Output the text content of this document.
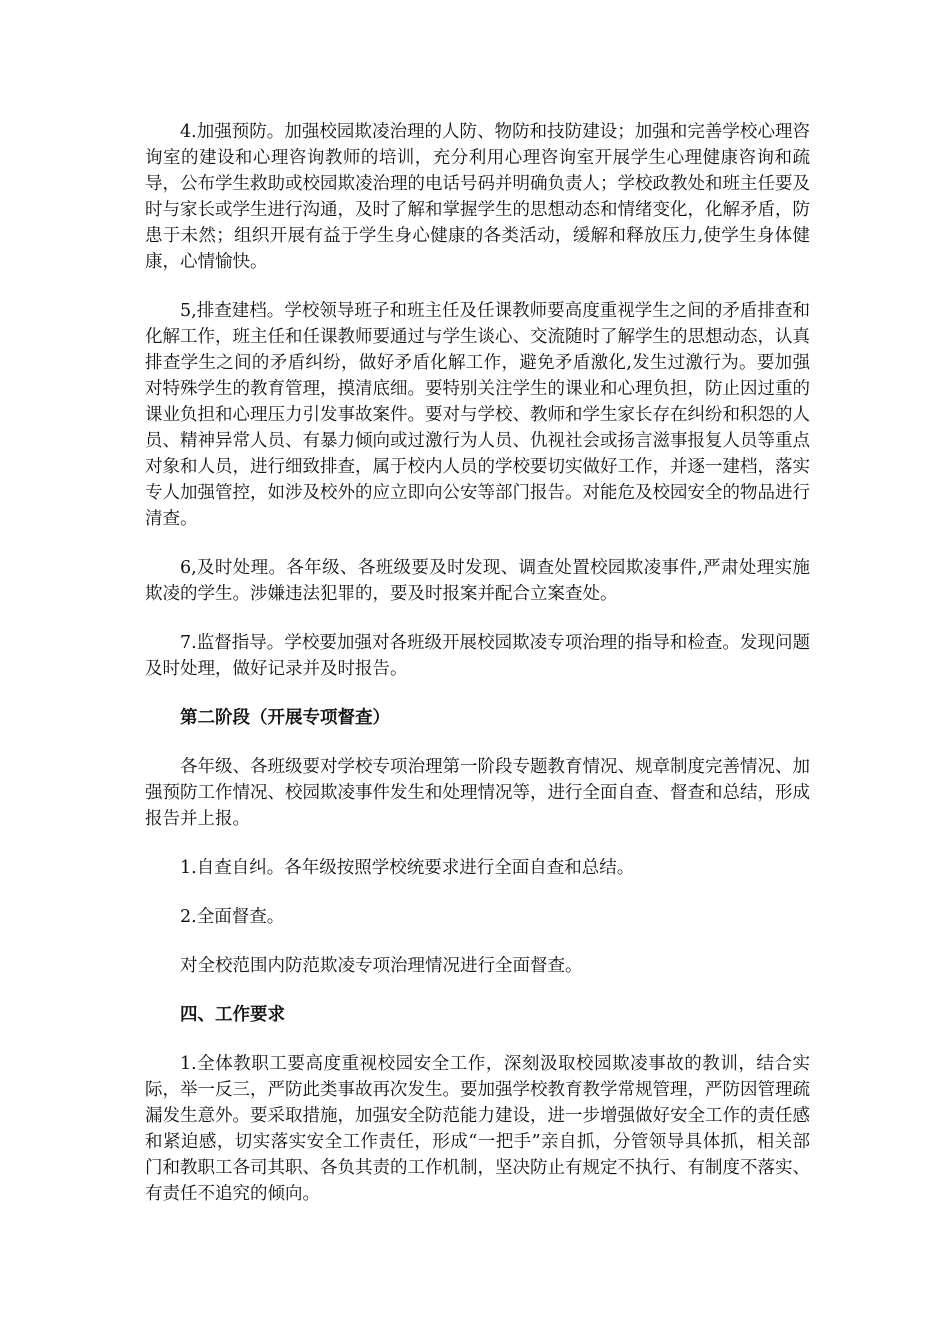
4.加强预防。加强校园欺凌治理的人防、物防和技防建设；加强和完善学校心理咨询室的建设和心理咨询教师的培训，充分利用心理咨询室开展学生心理健康咨询和疏导，公布学生救助或校园欺凌治理的电话号码并明确负责人；学校政教处和班主任要及时与家长或学生进行沟通，及时了解和掌握学生的思想动态和情绪变化，化解矛盾，防患于未然；组织开展有益于学生身心健康的各类活动，缓解和释放压力,使学生身体健康，心情愉快。

5,排查建档。学校领导班子和班主任及任课教师要高度重视学生之间的矛盾排查和化解工作，班主任和任课教师要通过与学生谈心、交流随时了解学生的思想动态，认真排查学生之间的矛盾纠纷，做好矛盾化解工作，避免矛盾激化,发生过激行为。要加强对特殊学生的教育管理，摸清底细。要特别关注学生的课业和心理负担，防止因过重的课业负担和心理压力引发事故案件。要对与学校、教师和学生家长存在纠纷和积怨的人员、精神异常人员、有暴力倾向或过激行为人员、仇视社会或扬言滋事报复人员等重点对象和人员，进行细致排查，属于校内人员的学校要切实做好工作，并逐一建档，落实专人加强管控，如涉及校外的应立即向公安等部门报告。对能危及校园安全的物品进行清查。

6,及时处理。各年级、各班级要及时发现、调查处置校园欺凌事件,严肃处理实施欺凌的学生。涉嫌违法犯罪的，要及时报案并配合立案查处。

7.监督指导。学校要加强对各班级开展校园欺凌专项治理的指导和检查。发现问题及时处理，做好记录并及时报告。

第二阶段（开展专项督查）

各年级、各班级要对学校专项治理第一阶段专题教育情况、规章制度完善情况、加强预防工作情况、校园欺凌事件发生和处理情况等，进行全面自查、督查和总结，形成报告并上报。

1.自查自纠。各年级按照学校统要求进行全面自查和总结。

2.全面督查。

对全校范围内防范欺凌专项治理情况进行全面督查。

四、工作要求

1.全体教职工要高度重视校园安全工作，深刻汲取校园欺凌事故的教训，结合实际，举一反三，严防此类事故再次发生。要加强学校教育教学常规管理，严防因管理疏漏发生意外。要采取措施，加强安全防范能力建设，进一步增强做好安全工作的责任感和紧迫感，切实落实安全工作责任，形成“一把手”亲自抓，分管领导具体抓，相关部门和教职工各司其职、各负其责的工作机制，坚决防止有规定不执行、有制度不落实、有责任不追究的倾向。
